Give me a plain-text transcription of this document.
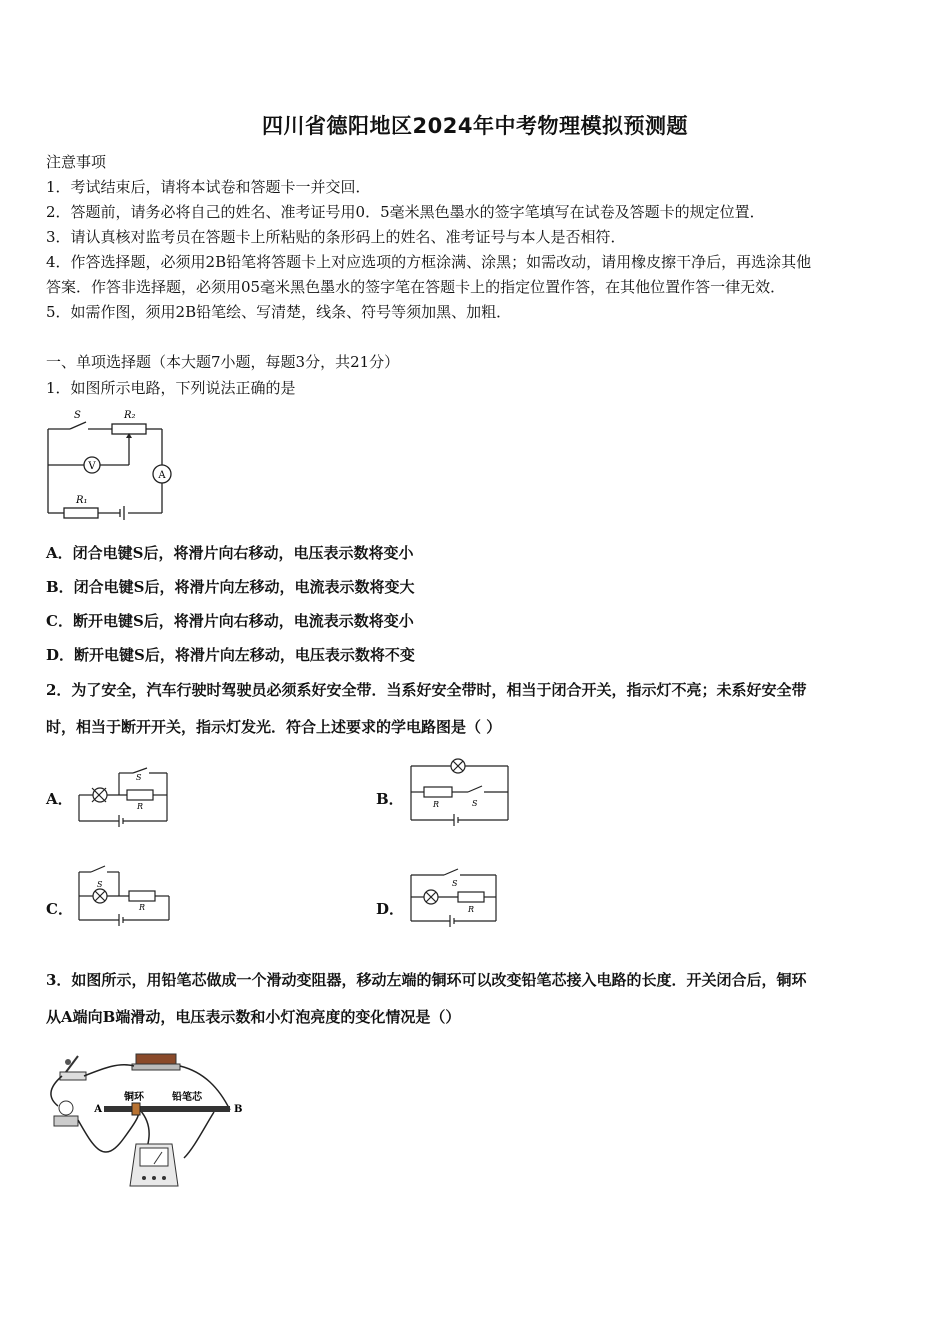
四川省德阳地区2024年中考物理模拟预测题
注意事项
1．考试结束后，请将本试卷和答题卡一并交回．
2．答题前，请务必将自己的姓名、准考证号用0．5毫米黑色墨水的签字笔填写在试卷及答题卡的规定位置．
3．请认真核对监考员在答题卡上所粘贴的条形码上的姓名、准考证号与本人是否相符．
4．作答选择题，必须用2B铅笔将答题卡上对应选项的方框涂满、涂黑；如需改动，请用橡皮擦干净后，再选涂其他
答案．作答非选择题，必须用05毫米黑色墨水的签字笔在答题卡上的指定位置作答，在其他位置作答一律无效．
5．如需作图，须用2B铅笔绘、写清楚，线条、符号等须加黑、加粗．
一、单项选择题（本大题7小题，每题3分，共21分）
1．如图所示电路，下列说法正确的是
V
A
S	R₂
R₁
A．闭合电键S后，将滑片向右移动，电压表示数将变小
B．闭合电键S后，将滑片向左移动，电流表示数将变大
C．断开电键S后，将滑片向右移动，电流表示数将变小
D．断开电键S后，将滑片向左移动，电压表示数将不变
2．为了安全，汽车行驶时驾驶员必须系好安全带．当系好安全带时，相当于闭合开关，指示灯不亮；未系好安全带
时，相当于断开开关，指示灯发光．符合上述要求的学电路图是（ ）
A．	B．
C．	D．
S
R	R	S
S
R
S
R
3．如图所示，用铅笔芯做成一个滑动变阻器，移动左端的铜环可以改变铅笔芯接入电路的长度．开关闭合后，铜环
从A端向B端滑动，电压表示数和小灯泡亮度的变化情况是（）
A	B
铜环	铅笔芯
